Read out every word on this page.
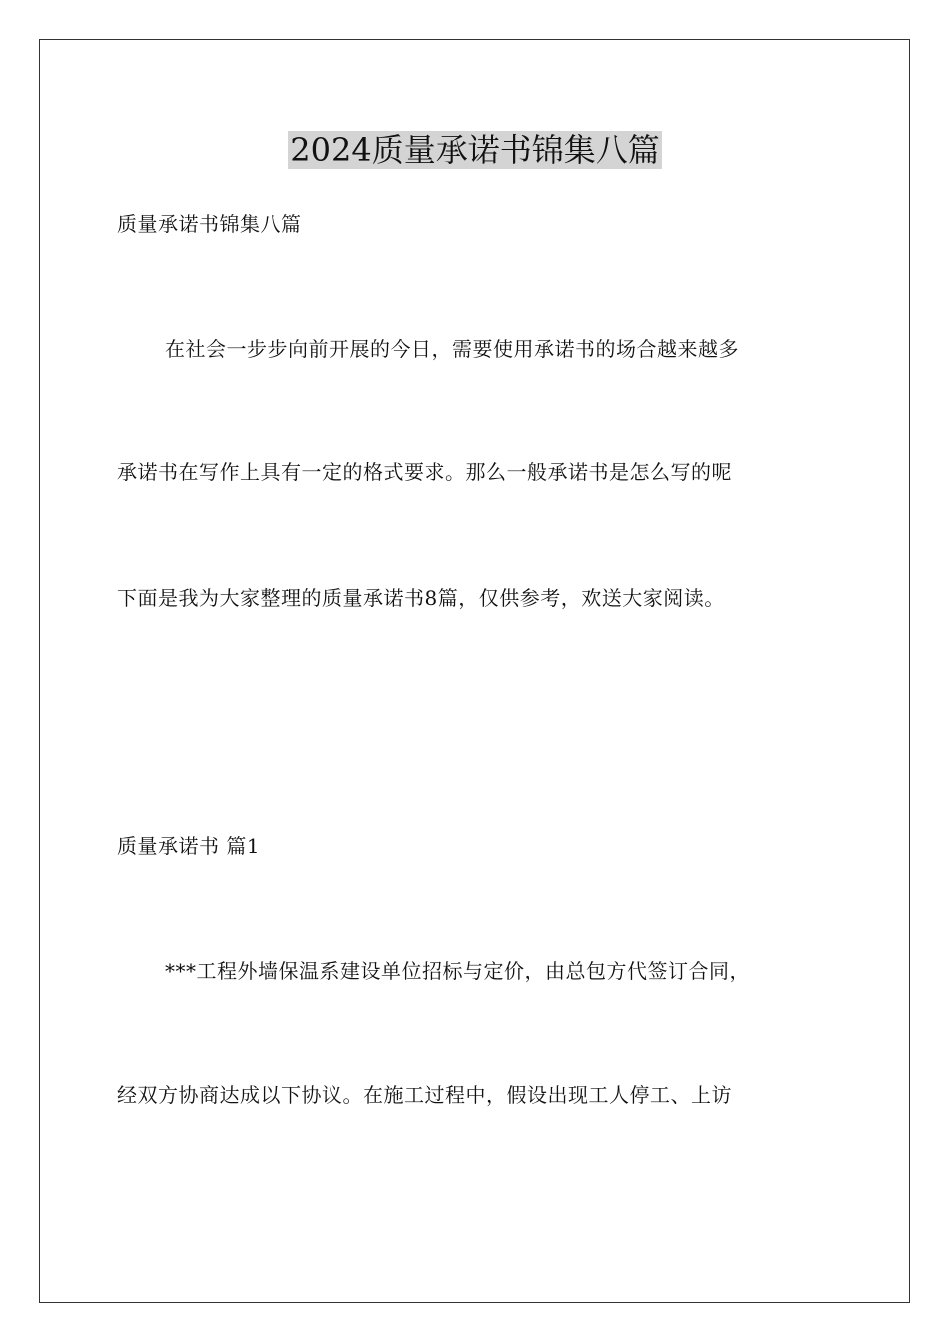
2024质量承诺书锦集八篇

质量承诺书锦集八篇

在社会一步步向前开展的今日，需要使用承诺书的场合越来越多

承诺书在写作上具有一定的格式要求。那么一般承诺书是怎么写的呢

下面是我为大家整理的质量承诺书8篇，仅供参考，欢送大家阅读。

质量承诺书 篇1

***工程外墙保温系建设单位招标与定价，由总包方代签订合同，

经双方协商达成以下协议。在施工过程中，假设出现工人停工、上访
